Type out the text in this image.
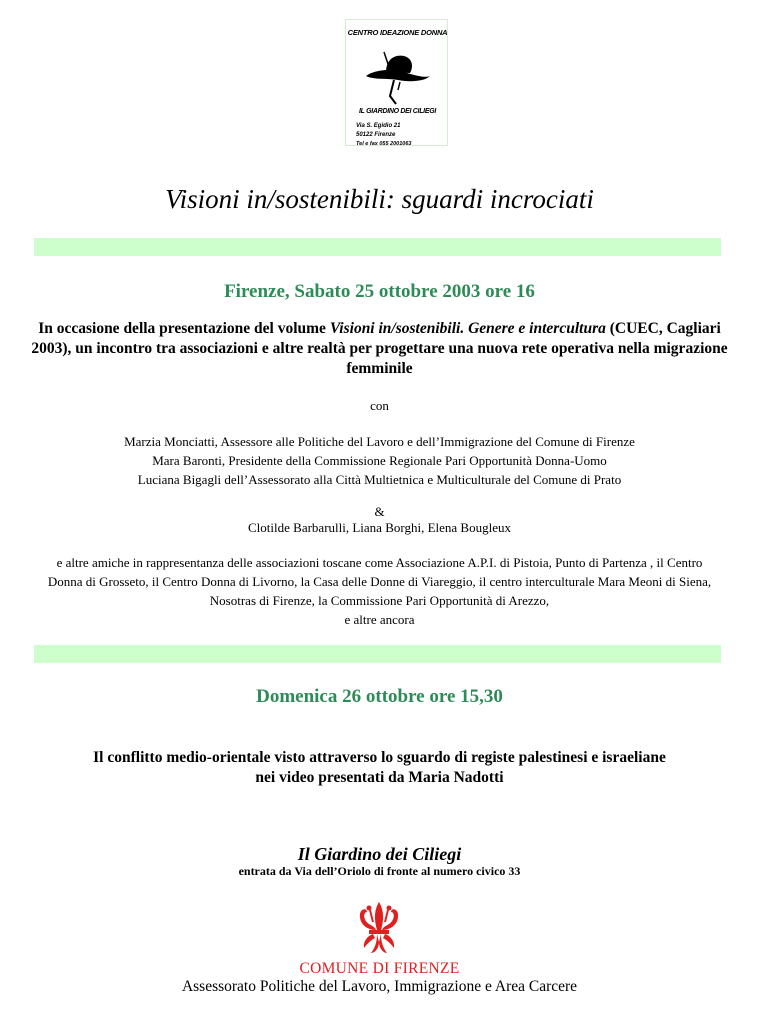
CENTRO IDEAZIONE DONNA
IL GIARDINO DEI CILIEGI
Via S. Egidio 21
50122 Firenze
Tel e fax 055 2001063
Visioni in/sostenibili: sguardi incrociati
Firenze, Sabato 25 ottobre 2003 ore 16
In occasione della presentazione del volume Visioni in/sostenibili. Genere e intercultura (CUEC, Cagliari 2003), un incontro tra associazioni e altre realtà per progettare una nuova rete operativa nella migrazione femminile
con
Marzia Monciatti, Assessore alle Politiche del Lavoro e dell’Immigrazione del Comune di Firenze
Mara Baronti, Presidente della Commissione Regionale Pari Opportunità Donna-Uomo
Luciana Bigagli dell’Assessorato alla Città Multietnica e Multiculturale del Comune di Prato
&
Clotilde Barbarulli, Liana Borghi, Elena Bougleux
e altre amiche in rappresentanza delle associazioni toscane come Associazione A.P.I. di Pistoia, Punto di Partenza , il Centro Donna di Grosseto, il Centro Donna di Livorno, la Casa delle Donne di Viareggio, il centro interculturale Mara Meoni di Siena, Nosotras di Firenze, la Commissione Pari Opportunità di Arezzo,
e altre ancora
Domenica 26 ottobre ore 15,30
Il conflitto medio-orientale visto attraverso lo sguardo di registe palestinesi e israeliane
nei video presentati da Maria Nadotti
Il Giardino dei Ciliegi
entrata da Via dell’Oriolo di fronte al numero civico 33
COMUNE DI FIRENZE
Assessorato Politiche del Lavoro, Immigrazione e Area Carcere
